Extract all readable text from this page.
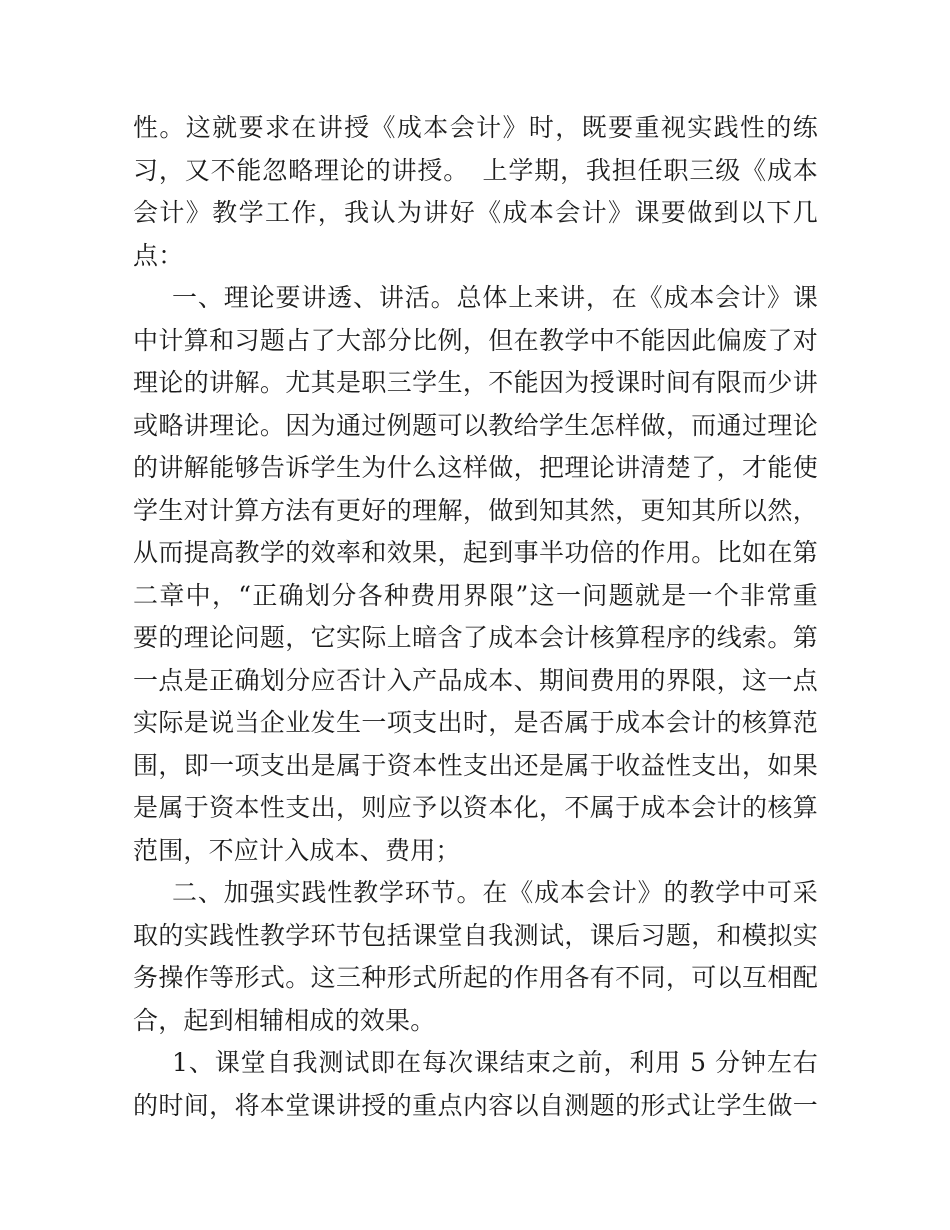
性。这就要求在讲授《成本会计》时，既要重视实践性的练
习，又不能忽略理论的讲授。　上学期，我担任职三级《成本
会计》教学工作，我认为讲好《成本会计》课要做到以下几
点：
一、理论要讲透、讲活。总体上来讲，在《成本会计》课
中计算和习题占了大部分比例，但在教学中不能因此偏废了对
理论的讲解。尤其是职三学生，不能因为授课时间有限而少讲
或略讲理论。因为通过例题可以教给学生怎样做，而通过理论
的讲解能够告诉学生为什么这样做，把理论讲清楚了，才能使
学生对计算方法有更好的理解，做到知其然，更知其所以然，
从而提高教学的效率和效果，起到事半功倍的作用。比如在第
二章中，“正确划分各种费用界限”这一问题就是一个非常重
要的理论问题，它实际上暗含了成本会计核算程序的线索。第
一点是正确划分应否计入产品成本、期间费用的界限，这一点
实际是说当企业发生一项支出时，是否属于成本会计的核算范
围，即一项支出是属于资本性支出还是属于收益性支出，如果
是属于资本性支出，则应予以资本化，不属于成本会计的核算
范围，不应计入成本、费用；
二、加强实践性教学环节。在《成本会计》的教学中可采
取的实践性教学环节包括课堂自我测试，课后习题，和模拟实
务操作等形式。这三种形式所起的作用各有不同，可以互相配
合，起到相辅相成的效果。
1、课堂自我测试即在每次课结束之前，利用 5 分钟左右
的时间，将本堂课讲授的重点内容以自测题的形式让学生做一
